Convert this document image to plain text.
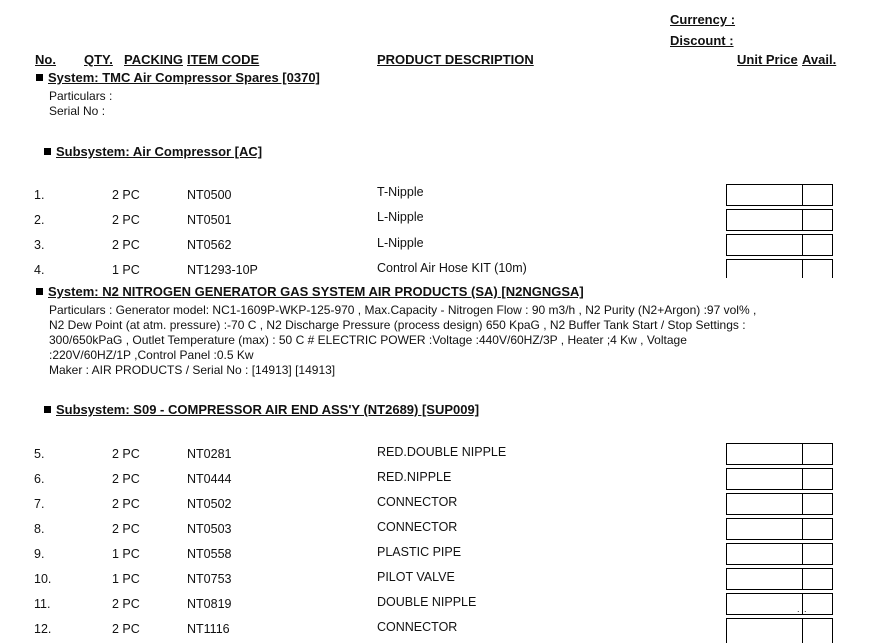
Currency :
Discount :
No. QTY. PACKING ITEM CODE	PRODUCT DESCRIPTION	Unit Price Avail.
System: TMC Air Compressor Spares [0370]
Particulars :
Serial No :
Subsystem: Air Compressor [AC]
1.	2 PC	NT0500	T-Nipple
2.	2 PC	NT0501	L-Nipple
3.	2 PC	NT0562	L-Nipple
4.	1 PC	NT1293-10P	Control Air Hose KIT (10m)
System: N2 NITROGEN GENERATOR GAS SYSTEM AIR PRODUCTS (SA) [N2NGNGSA]
Particulars : Generator model: NC1-1609P-WKP-125-970 , Max.Capacity - Nitrogen Flow : 90 m3/h , N2 Purity (N2+Argon) :97 vol% ,
N2 Dew Point (at atm. pressure) :-70 C , N2 Discharge Pressure (process design) 650 KpaG , N2 Buffer Tank Start / Stop Settings :
300/650kPaG , Outlet Temperature (max) : 50 C # ELECTRIC POWER :Voltage :440V/60HZ/3P , Heater ;4 Kw , Voltage
:220V/60HZ/1P ,Control Panel :0.5 Kw
Maker : AIR PRODUCTS / Serial No : [14913] [14913]
Subsystem: S09 - COMPRESSOR AIR END ASS'Y (NT2689) [SUP009]
5.	2 PC	NT0281	RED.DOUBLE NIPPLE
6.	2 PC	NT0444	RED.NIPPLE
7.	2 PC	NT0502	CONNECTOR
8.	2 PC	NT0503	CONNECTOR
9.	1 PC	NT0558	PLASTIC PIPE
10.	1 PC	NT0753	PILOT VALVE
11.	2 PC	NT0819	DOUBLE NIPPLE	. .
12.	2 PC	NT1116	CONNECTOR
